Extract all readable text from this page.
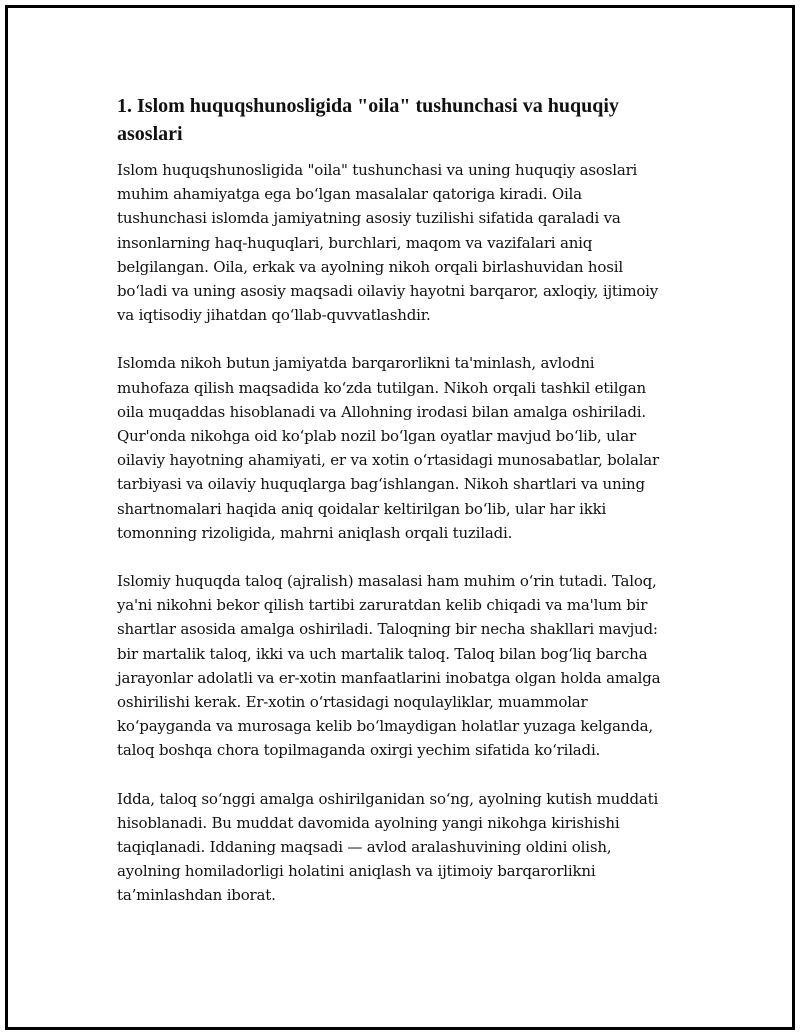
1. Islom huquqshunosligida "oila" tushunchasi va huquqiy asoslari

Islom huquqshunosligida "oila" tushunchasi va uning huquqiy asoslari muhim ahamiyatga ega bo‘lgan masalalar qatoriga kiradi. Oila tushunchasi islomda jamiyatning asosiy tuzilishi sifatida qaraladi va insonlarning haq-huquqlari, burchlari, maqom va vazifalari aniq belgilangan. Oila, erkak va ayolning nikoh orqali birlashuvidan hosil bo‘ladi va uning asosiy maqsadi oilaviy hayotni barqaror, axloqiy, ijtimoiy va iqtisodiy jihatdan qo‘llab-quvvatlashdir.

Islomda nikoh butun jamiyatda barqarorlikni ta'minlash, avlodni muhofaza qilish maqsadida ko‘zda tutilgan. Nikoh orqali tashkil etilgan oila muqaddas hisoblanadi va Allohning irodasi bilan amalga oshiriladi. Qur'onda nikohga oid ko‘plab nozil bo‘lgan oyatlar mavjud bo‘lib, ular oilaviy hayotning ahamiyati, er va xotin o‘rtasidagi munosabatlar, bolalar tarbiyasi va oilaviy huquqlarga bag‘ishlangan. Nikoh shartlari va uning shartnomalari haqida aniq qoidalar keltirilgan bo‘lib, ular har ikki tomonning rizoligida, mahrni aniqlash orqali tuziladi.

Islomiy huquqda taloq (ajralish) masalasi ham muhim o‘rin tutadi. Taloq, ya'ni nikohni bekor qilish tartibi zaruratdan kelib chiqadi va ma'lum bir shartlar asosida amalga oshiriladi. Taloqning bir necha shakllari mavjud: bir martalik taloq, ikki va uch martalik taloq. Taloq bilan bog‘liq barcha jarayonlar adolatli va er-xotin manfaatlarini inobatga olgan holda amalga oshirilishi kerak. Er-xotin o‘rtasidagi noqulayliklar, muammolar ko‘payganda va murosaga kelib bo‘lmaydigan holatlar yuzaga kelganda, taloq boshqa chora topilmaganda oxirgi yechim sifatida ko‘riladi.

Idda, taloq so‘nggi amalga oshirilganidan so‘ng, ayolning kutish muddati hisoblanadi. Bu muddat davomida ayolning yangi nikohga kirishishi taqiqlanadi. Iddaning maqsadi — avlod aralashuvining oldini olish, ayolning homiladorligi holatini aniqlash va ijtimoiy barqarorlikni ta’minlashdan iborat.
